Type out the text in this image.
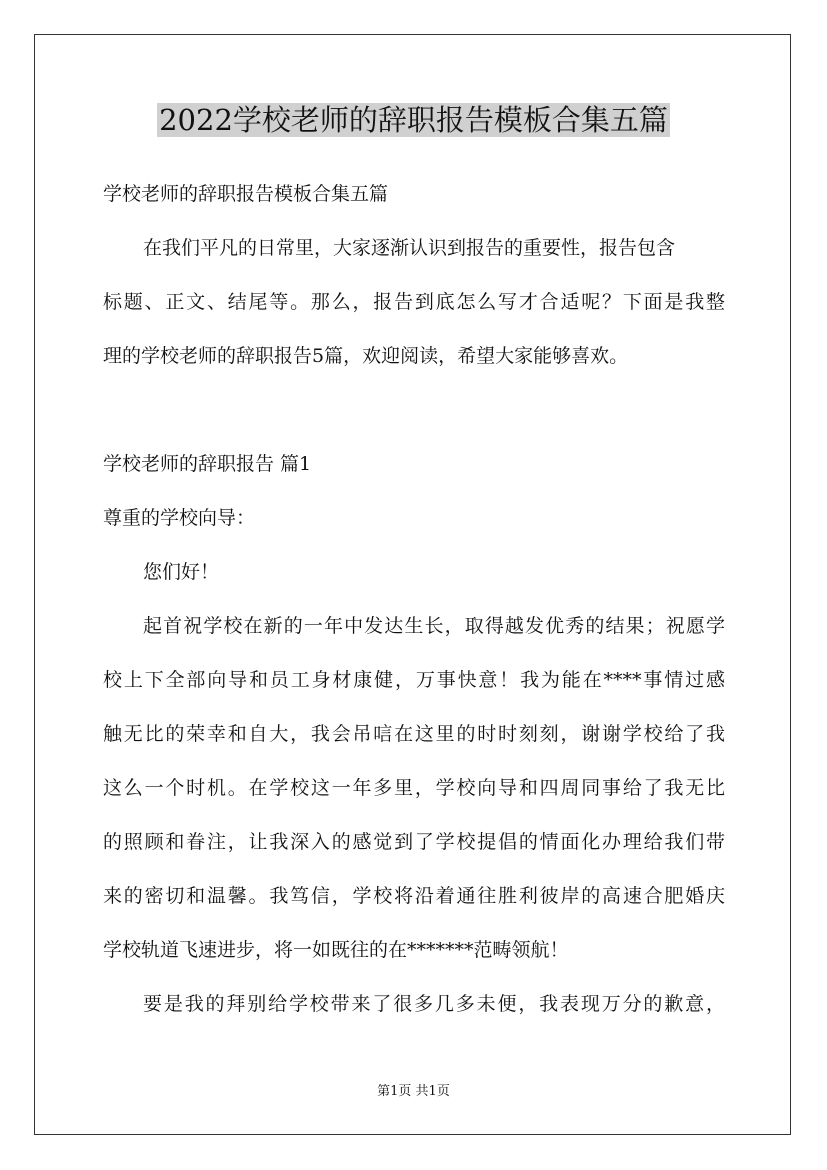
2022学校老师的辞职报告模板合集五篇
学校老师的辞职报告模板合集五篇
在我们平凡的日常里，大家逐渐认识到报告的重要性，报告包含
标题、正文、结尾等。那么，报告到底怎么写才合适呢？下面是我整
理的学校老师的辞职报告5篇，欢迎阅读，希望大家能够喜欢。
学校老师的辞职报告 篇1
尊重的学校向导：
您们好！
起首祝学校在新的一年中发达生长，取得越发优秀的结果；祝愿学
校上下全部向导和员工身材康健，万事快意！我为能在****事情过感
触无比的荣幸和自大，我会吊唁在这里的时时刻刻，谢谢学校给了我
这么一个时机。在学校这一年多里，学校向导和四周同事给了我无比
的照顾和眷注，让我深入的感觉到了学校提倡的情面化办理给我们带
来的密切和温馨。我笃信，学校将沿着通往胜利彼岸的高速合肥婚庆
学校轨道飞速进步，将一如既往的在*******范畴领航！
要是我的拜别给学校带来了很多几多未便，我表现万分的歉意，
第1页 共1页
